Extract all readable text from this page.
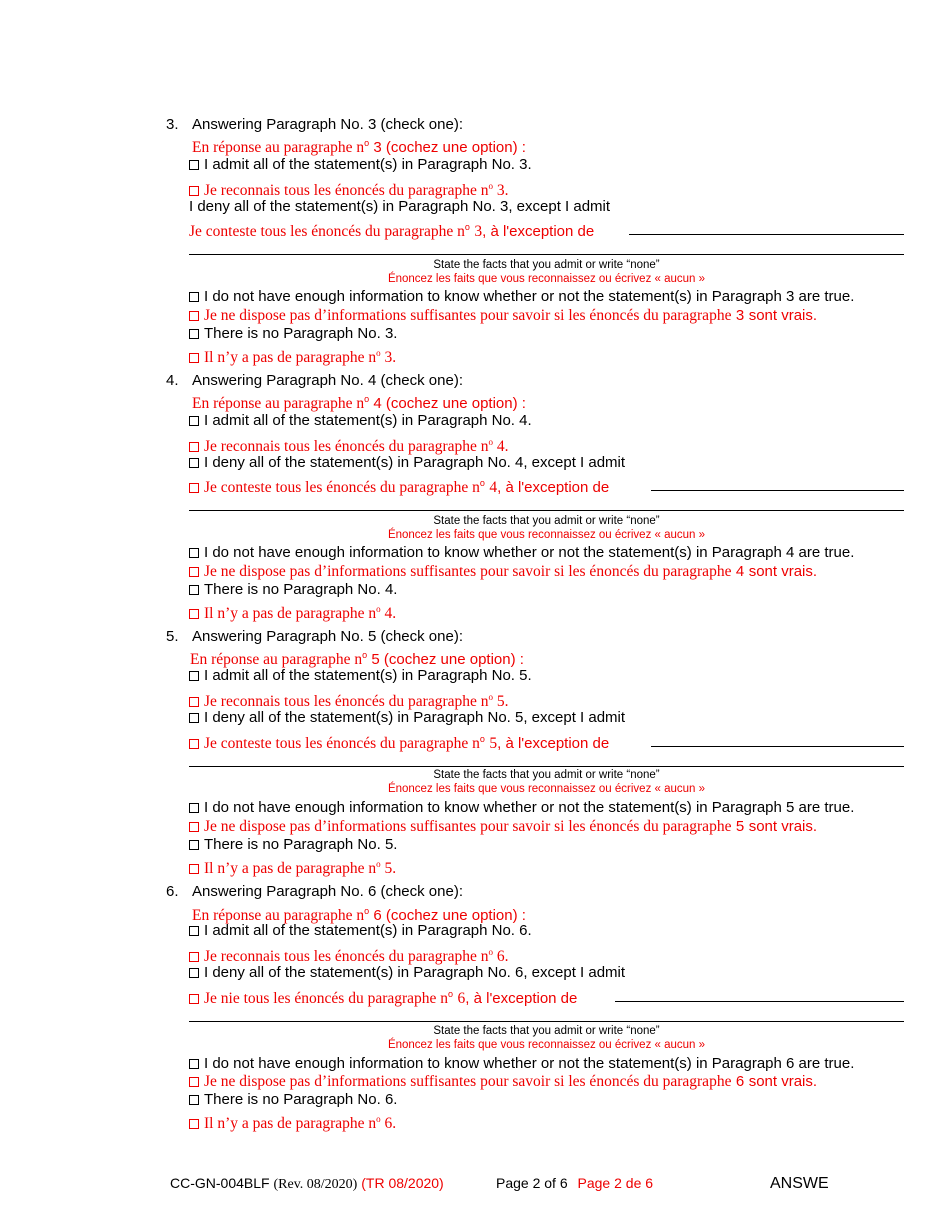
3. Answering Paragraph No. 3 (check one):
En réponse au paragraphe $n^o$ 3 (cochez une option) :
I admit all of the statement(s) in Paragraph No. 3.
Je reconnais tous les énoncés du paragraphe $n^o$ 3.
I deny all of the statement(s) in Paragraph No. 3, except I admit
Je conteste tous les énoncés du paragraphe $n^o$ 3, à l'exception de
State the facts that you admit or write “none”
Énoncez les faits que vous reconnaissez ou écrivez « aucun »
I do not have enough information to know whether or not the statement(s) in Paragraph 3 are true.
Je ne dispose pas d’informations suffisantes pour savoir si les énoncés du paragraphe 3 sont vrais.
There is no Paragraph No. 3.
Il n’y a pas de paragraphe $n^o$ 3.
4. Answering Paragraph No. 4 (check one):
En réponse au paragraphe $n^o$ 4 (cochez une option) :
I admit all of the statement(s) in Paragraph No. 4.
Je reconnais tous les énoncés du paragraphe $n^o$ 4.
I deny all of the statement(s) in Paragraph No. 4, except I admit
Je conteste tous les énoncés du paragraphe $n^o$ 4, à l'exception de
State the facts that you admit or write “none”
Énoncez les faits que vous reconnaissez ou écrivez « aucun »
I do not have enough information to know whether or not the statement(s) in Paragraph 4 are true.
Je ne dispose pas d’informations suffisantes pour savoir si les énoncés du paragraphe 4 sont vrais.
There is no Paragraph No. 4.
Il n’y a pas de paragraphe $n^o$ 4.
5. Answering Paragraph No. 5 (check one):
En réponse au paragraphe $n^o$ 5 (cochez une option) :
I admit all of the statement(s) in Paragraph No. 5.
Je reconnais tous les énoncés du paragraphe $n^o$ 5.
I deny all of the statement(s) in Paragraph No. 5, except I admit
Je conteste tous les énoncés du paragraphe $n^o$ 5, à l'exception de
State the facts that you admit or write “none”
Énoncez les faits que vous reconnaissez ou écrivez « aucun »
I do not have enough information to know whether or not the statement(s) in Paragraph 5 are true.
Je ne dispose pas d’informations suffisantes pour savoir si les énoncés du paragraphe 5 sont vrais.
There is no Paragraph No. 5.
Il n’y a pas de paragraphe $n^o$ 5.
6. Answering Paragraph No. 6 (check one):
En réponse au paragraphe $n^o$ 6 (cochez une option) :
I admit all of the statement(s) in Paragraph No. 6.
Je reconnais tous les énoncés du paragraphe $n^o$ 6.
I deny all of the statement(s) in Paragraph No. 6, except I admit
Je nie tous les énoncés du paragraphe $n^o$ 6, à l'exception de
State the facts that you admit or write “none”
Énoncez les faits que vous reconnaissez ou écrivez « aucun »
I do not have enough information to know whether or not the statement(s) in Paragraph 6 are true.
Je ne dispose pas d’informations suffisantes pour savoir si les énoncés du paragraphe 6 sont vrais.
There is no Paragraph No. 6.
Il n’y a pas de paragraphe $n^o$ 6.
CC-GN-004BLF (Rev. 08/2020) (TR 08/2020)	Page 2 of 6 Page 2 de 6	ANSWE
